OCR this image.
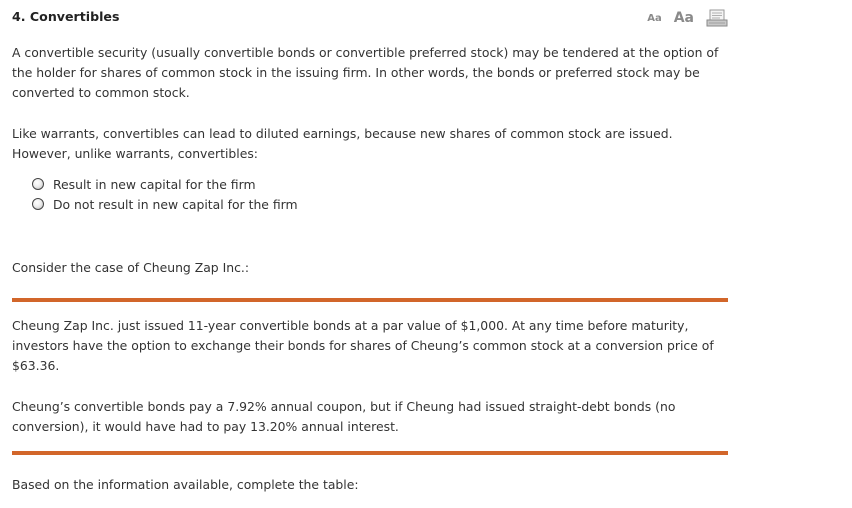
4. Convertibles	Aa Aa

A convertible security (usually convertible bonds or convertible preferred stock) may be tendered at the option of the holder for shares of common stock in the issuing firm. In other words, the bonds or preferred stock may be converted to common stock.

Like warrants, convertibles can lead to diluted earnings, because new shares of common stock are issued. However, unlike warrants, convertibles:

Result in new capital for the firm
Do not result in new capital for the firm

Consider the case of Cheung Zap Inc.:

Cheung Zap Inc. just issued 11-year convertible bonds at a par value of $1,000. At any time before maturity, investors have the option to exchange their bonds for shares of Cheung’s common stock at a conversion price of $63.36.

Cheung’s convertible bonds pay a 7.92% annual coupon, but if Cheung had issued straight-debt bonds (no conversion), it would have had to pay 13.20% annual interest.

Based on the information available, complete the table:
